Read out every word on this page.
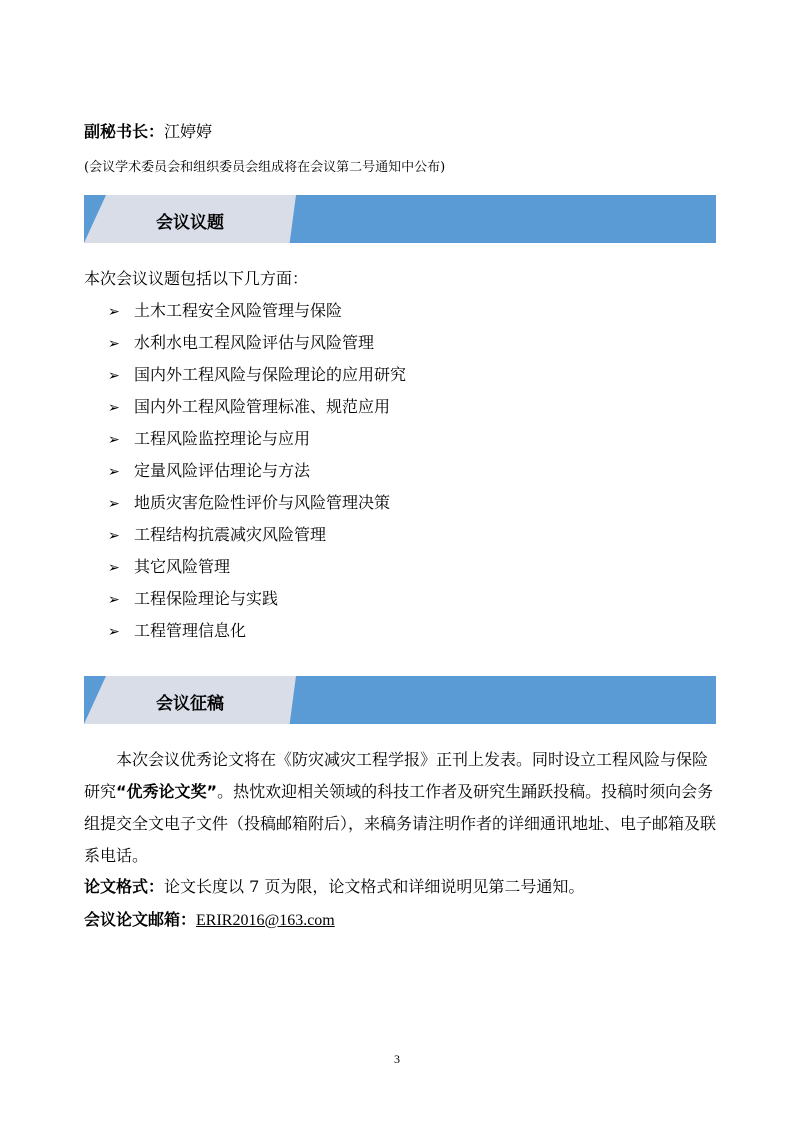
副秘书长：江婷婷
(会议学术委员会和组织委员会组成将在会议第二号通知中公布)
会议议题
本次会议议题包括以下几方面：
➢ 土木工程安全风险管理与保险
➢ 水利水电工程风险评估与风险管理
➢ 国内外工程风险与保险理论的应用研究
➢ 国内外工程风险管理标准、规范应用
➢ 工程风险监控理论与应用
➢ 定量风险评估理论与方法
➢ 地质灾害危险性评价与风险管理决策
➢ 工程结构抗震减灾风险管理
➢ 其它风险管理
➢ 工程保险理论与实践
➢ 工程管理信息化
会议征稿
本次会议优秀论文将在《防灾减灾工程学报》正刊上发表。同时设立工程风险与保险研究“优秀论文奖”。热忱欢迎相关领域的科技工作者及研究生踊跃投稿。投稿时须向会务组提交全文电子文件（投稿邮箱附后），来稿务请注明作者的详细通讯地址、电子邮箱及联系电话。
论文格式：论文长度以 7 页为限，论文格式和详细说明见第二号通知。
会议论文邮箱：ERIR2016@163.com
3
